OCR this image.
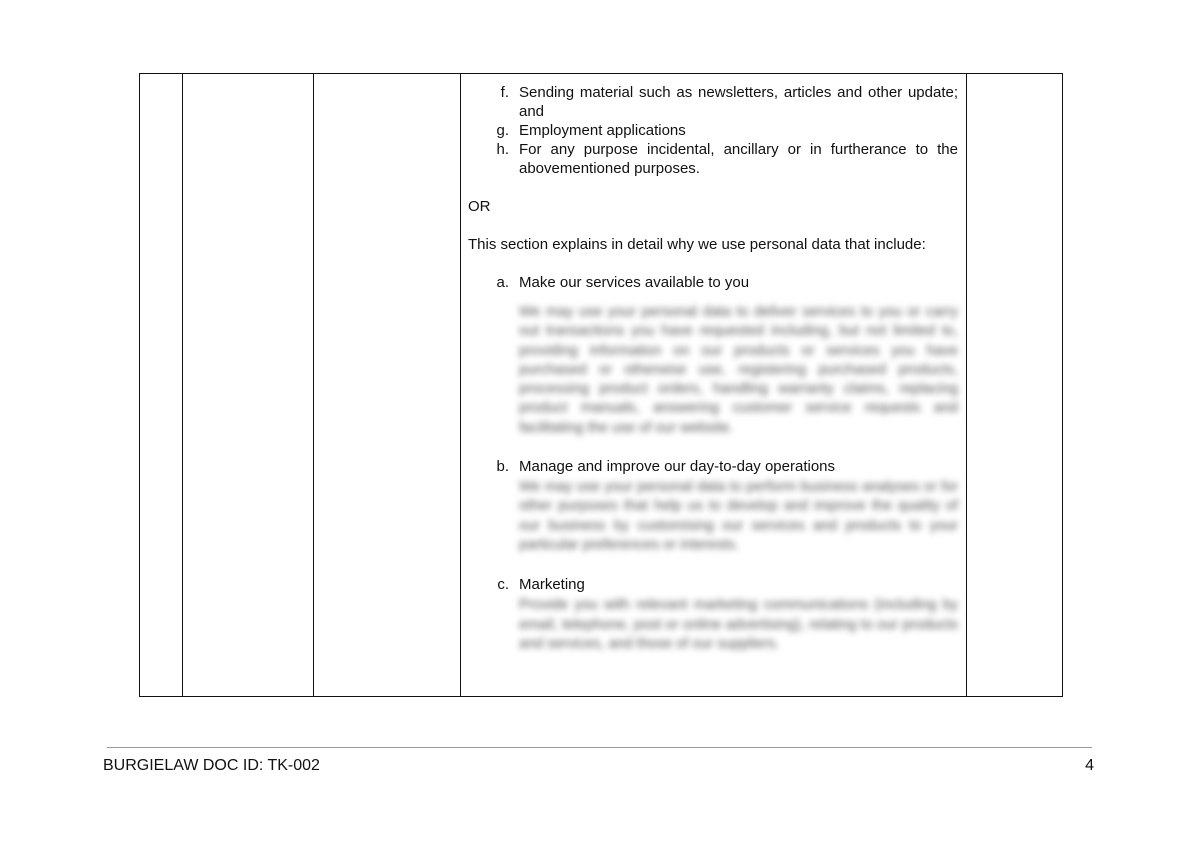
f. Sending material such as newsletters, articles and other update; and
g. Employment applications
h. For any purpose incidental, ancillary or in furtherance to the abovementioned purposes.
OR
This section explains in detail why we use personal data that include:
a. Make our services available to you
We may use your personal data to deliver services to you or carry out transactions you have requested including, but not limited to, providing information on our products or services you have purchased or otherwise use, registering purchased products, processing product orders, handling warranty claims, replacing product manuals, answering customer service requests and facilitating the use of our website.
b. Manage and improve our day-to-day operations
We may use your personal data to perform business analyses or for other purposes that help us to develop and improve the quality of our business by customising our services and products to your particular preferences or interests.
c. Marketing
Provide you with relevant marketing communications (including by email, telephone, post or online advertising), relating to our products and services, and those of our suppliers.

BURGIELAW DOC ID: TK-002	4
